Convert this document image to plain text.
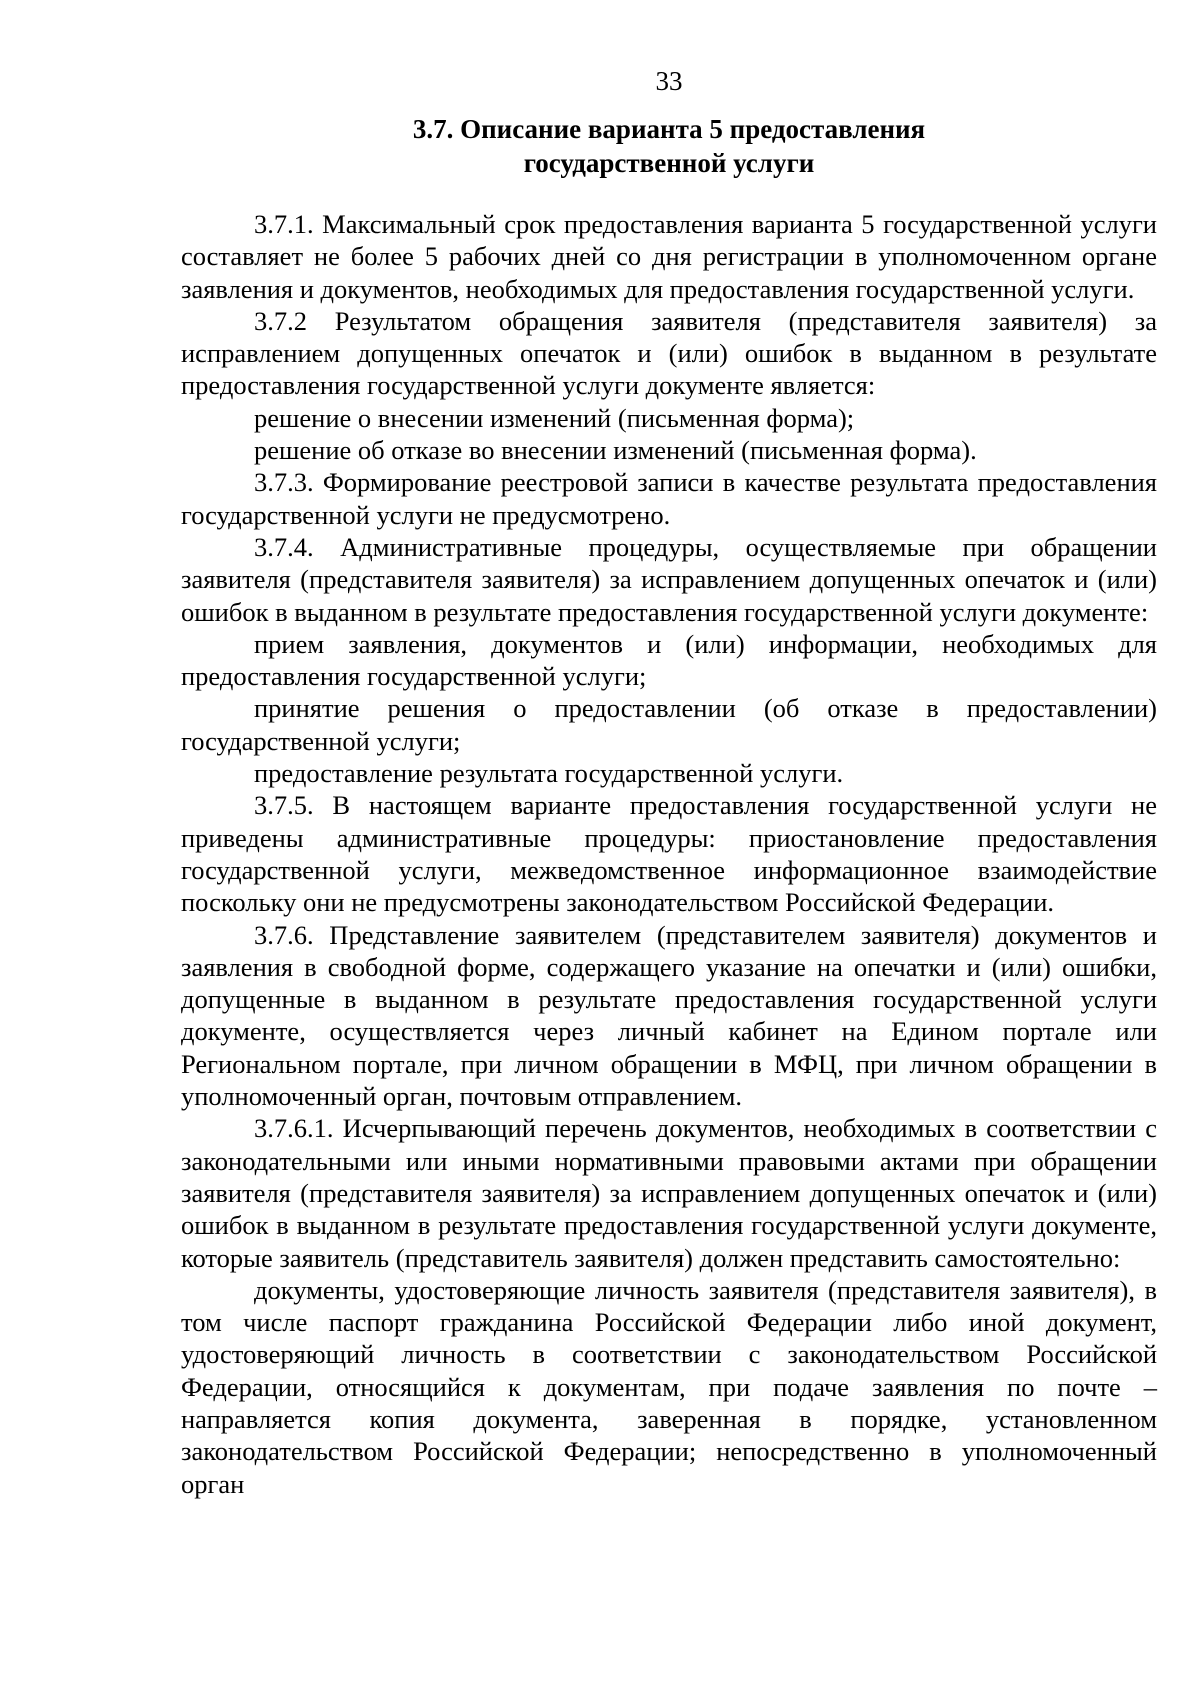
33
3.7. Описание варианта 5 предоставления
государственной услуги

3.7.1. Максимальный срок предоставления варианта 5 государственной услуги составляет не более 5 рабочих дней со дня регистрации в уполномоченном органе заявления и документов, необходимых для предоставления государственной услуги.

3.7.2 Результатом обращения заявителя (представителя заявителя) за исправлением допущенных опечаток и (или) ошибок в выданном в результате предоставления государственной услуги документе является:

решение о внесении изменений (письменная форма);

решение об отказе во внесении изменений (письменная форма).

3.7.3. Формирование реестровой записи в качестве результата предоставления государственной услуги не предусмотрено.

3.7.4. Административные процедуры, осуществляемые при обращении заявителя (представителя заявителя) за исправлением допущенных опечаток и (или) ошибок в выданном в результате предоставления государственной услуги документе:

прием заявления, документов и (или) информации, необходимых для предоставления государственной услуги;

принятие решения о предоставлении (об отказе в предоставлении) государственной услуги;

предоставление результата государственной услуги.

3.7.5. В настоящем варианте предоставления государственной услуги не приведены административные процедуры: приостановление предоставления государственной услуги, межведомственное информационное взаимодействие поскольку они не предусмотрены законодательством Российской Федерации.

3.7.6. Представление заявителем (представителем заявителя) документов и заявления в свободной форме, содержащего указание на опечатки и (или) ошибки, допущенные в выданном в результате предоставления государственной услуги документе, осуществляется через личный кабинет на Едином портале или Региональном портале, при личном обращении в МФЦ, при личном обращении в уполномоченный орган, почтовым отправлением.

3.7.6.1. Исчерпывающий перечень документов, необходимых в соответствии с законодательными или иными нормативными правовыми актами при обращении заявителя (представителя заявителя) за исправлением допущенных опечаток и (или) ошибок в выданном в результате предоставления государственной услуги документе, которые заявитель (представитель заявителя) должен представить самостоятельно:

документы, удостоверяющие личность заявителя (представителя заявителя), в том числе паспорт гражданина Российской Федерации либо иной документ, удостоверяющий личность в соответствии с законодательством Российской Федерации, относящийся к документам, при подаче заявления по почте – направляется копия документа, заверенная в порядке, установленном законодательством Российской Федерации; непосредственно в уполномоченный орган
